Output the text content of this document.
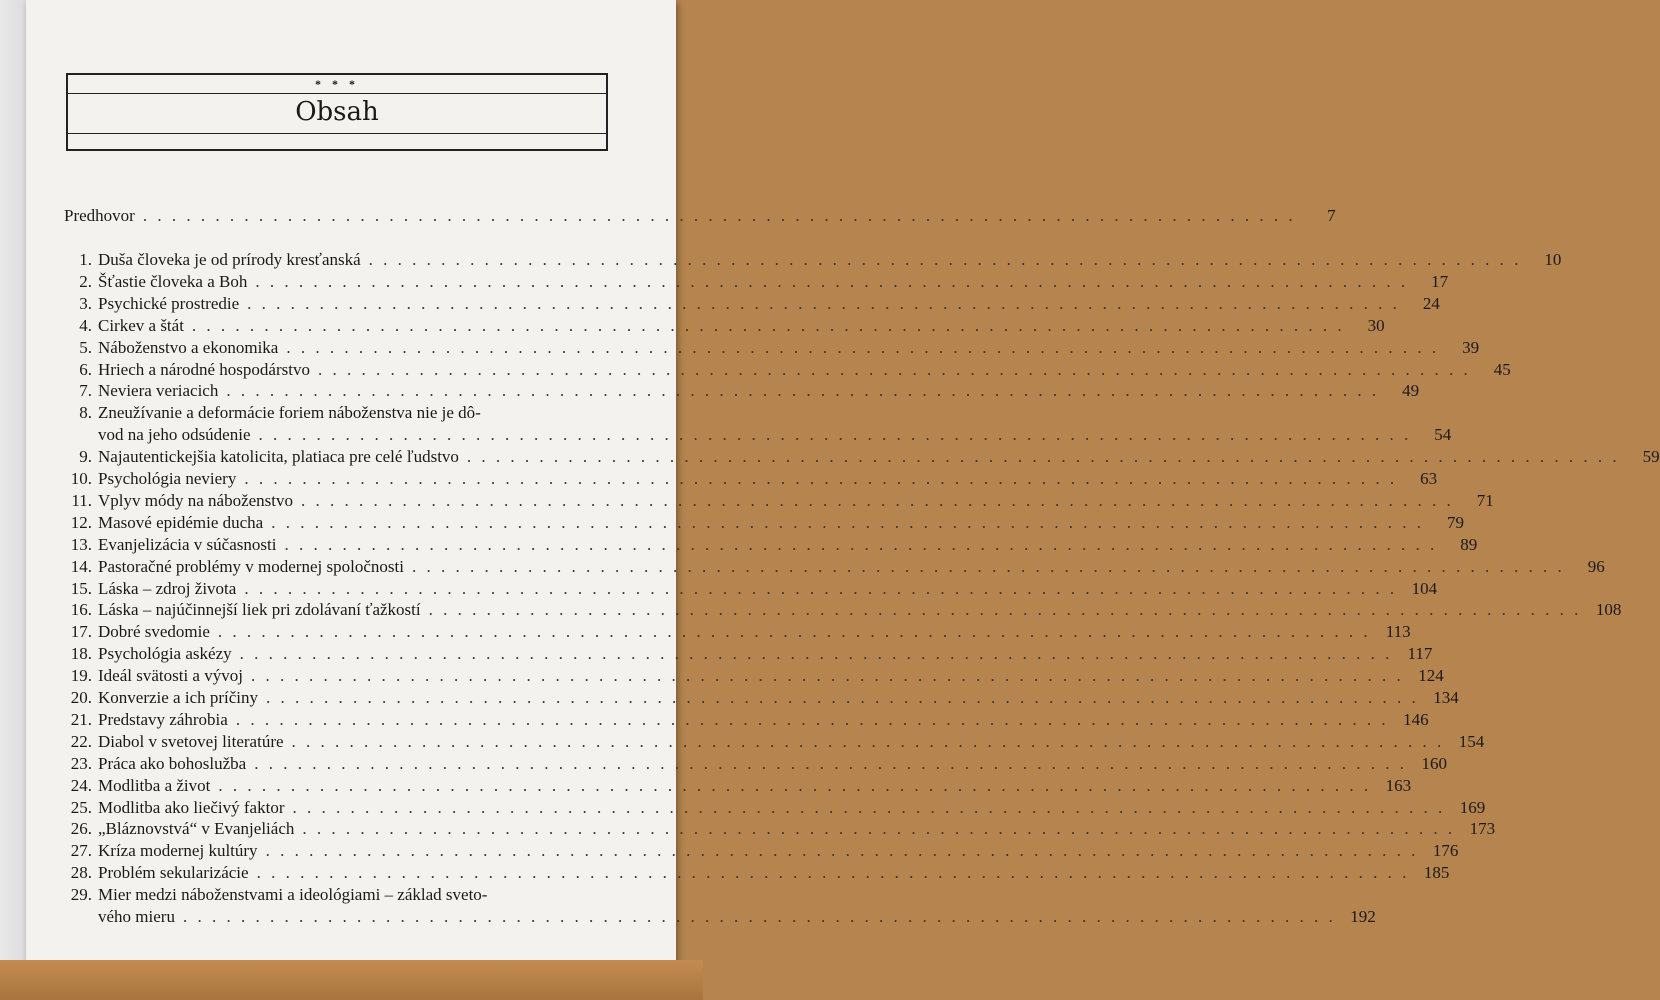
* * *
Obsah
Predhovor . . . . . . . . . . . . . . . . . . . . . . . . . . . . . . . . . . . . . . . . . . . . . . . . . . . . . . . . . . . . . . . . . . . . . . . . . . . . . . . .	7
1. Duša človeka je od prírody kresťanská . . . . . . . . . . . . . . . . . . . . . . . . . . . . . . . . . . . . . . . . . . . . . . . . . . . . . . . . . . . . . . . . . . . . . . . . . . . . . . . .	10
2. Šťastie človeka a Boh . . . . . . . . . . . . . . . . . . . . . . . . . . . . . . . . . . . . . . . . . . . . . . . . . . . . . . . . . . . . . . . . . . . . . . . . . . . . . . . .	17
3. Psychické prostredie . . . . . . . . . . . . . . . . . . . . . . . . . . . . . . . . . . . . . . . . . . . . . . . . . . . . . . . . . . . . . . . . . . . . . . . . . . . . . . . .	24
4. Cirkev a štát . . . . . . . . . . . . . . . . . . . . . . . . . . . . . . . . . . . . . . . . . . . . . . . . . . . . . . . . . . . . . . . . . . . . . . . . . . . . . . . .	30
5. Náboženstvo a ekonomika . . . . . . . . . . . . . . . . . . . . . . . . . . . . . . . . . . . . . . . . . . . . . . . . . . . . . . . . . . . . . . . . . . . . . . . . . . . . . . . .	39
6. Hriech a národné hospodárstvo . . . . . . . . . . . . . . . . . . . . . . . . . . . . . . . . . . . . . . . . . . . . . . . . . . . . . . . . . . . . . . . . . . . . . . . . . . . . . . . .	45
7. Neviera veriacich . . . . . . . . . . . . . . . . . . . . . . . . . . . . . . . . . . . . . . . . . . . . . . . . . . . . . . . . . . . . . . . . . . . . . . . . . . . . . . . .	49
8. Zneužívanie a deformácie foriem náboženstva nie je dô-
vod na jeho odsúdenie . . . . . . . . . . . . . . . . . . . . . . . . . . . . . . . . . . . . . . . . . . . . . . . . . . . . . . . . . . . . . . . . . . . . . . . . . . . . . . . .	54
9. Najautentickejšia katolicita, platiaca pre celé ľudstvo . . . . . . . . . . . . . . . . . . . . . . . . . . . . . . . . . . . . . . . . . . . . . . . . . . . . . . . . . . . . . . . . . . . . . . . . . . . . . . . .	59
10. Psychológia neviery . . . . . . . . . . . . . . . . . . . . . . . . . . . . . . . . . . . . . . . . . . . . . . . . . . . . . . . . . . . . . . . . . . . . . . . . . . . . . . . .	63
11. Vplyv módy na náboženstvo . . . . . . . . . . . . . . . . . . . . . . . . . . . . . . . . . . . . . . . . . . . . . . . . . . . . . . . . . . . . . . . . . . . . . . . . . . . . . . . .	71
12. Masové epidémie ducha . . . . . . . . . . . . . . . . . . . . . . . . . . . . . . . . . . . . . . . . . . . . . . . . . . . . . . . . . . . . . . . . . . . . . . . . . . . . . . . .	79
13. Evanjelizácia v súčasnosti . . . . . . . . . . . . . . . . . . . . . . . . . . . . . . . . . . . . . . . . . . . . . . . . . . . . . . . . . . . . . . . . . . . . . . . . . . . . . . . .	89
14. Pastoračné problémy v modernej spoločnosti . . . . . . . . . . . . . . . . . . . . . . . . . . . . . . . . . . . . . . . . . . . . . . . . . . . . . . . . . . . . . . . . . . . . . . . . . . . . . . . .	96
15. Láska – zdroj života . . . . . . . . . . . . . . . . . . . . . . . . . . . . . . . . . . . . . . . . . . . . . . . . . . . . . . . . . . . . . . . . . . . . . . . . . . . . . . . . 104
16. Láska – najúčinnejší liek pri zdolávaní ťažkostí . . . . . . . . . . . . . . . . . . . . . . . . . . . . . . . . . . . . . . . . . . . . . . . . . . . . . . . . . . . . . . . . . . . . . . . . . . . . . . . . 108
17. Dobré svedomie . . . . . . . . . . . . . . . . . . . . . . . . . . . . . . . . . . . . . . . . . . . . . . . . . . . . . . . . . . . . . . . . . . . . . . . . . . . . . . . . 113
18. Psychológia askézy . . . . . . . . . . . . . . . . . . . . . . . . . . . . . . . . . . . . . . . . . . . . . . . . . . . . . . . . . . . . . . . . . . . . . . . . . . . . . . . . 117
19. Ideál svätosti a vývoj . . . . . . . . . . . . . . . . . . . . . . . . . . . . . . . . . . . . . . . . . . . . . . . . . . . . . . . . . . . . . . . . . . . . . . . . . . . . . . . . 124
20. Konverzie a ich príčiny . . . . . . . . . . . . . . . . . . . . . . . . . . . . . . . . . . . . . . . . . . . . . . . . . . . . . . . . . . . . . . . . . . . . . . . . . . . . . . . . 134
21. Predstavy záhrobia . . . . . . . . . . . . . . . . . . . . . . . . . . . . . . . . . . . . . . . . . . . . . . . . . . . . . . . . . . . . . . . . . . . . . . . . . . . . . . . . 146
22. Diabol v svetovej literatúre . . . . . . . . . . . . . . . . . . . . . . . . . . . . . . . . . . . . . . . . . . . . . . . . . . . . . . . . . . . . . . . . . . . . . . . . . . . . . . . . 154
23. Práca ako bohoslužba . . . . . . . . . . . . . . . . . . . . . . . . . . . . . . . . . . . . . . . . . . . . . . . . . . . . . . . . . . . . . . . . . . . . . . . . . . . . . . . . 160
24. Modlitba a život . . . . . . . . . . . . . . . . . . . . . . . . . . . . . . . . . . . . . . . . . . . . . . . . . . . . . . . . . . . . . . . . . . . . . . . . . . . . . . . . 163
25. Modlitba ako liečivý faktor . . . . . . . . . . . . . . . . . . . . . . . . . . . . . . . . . . . . . . . . . . . . . . . . . . . . . . . . . . . . . . . . . . . . . . . . . . . . . . . . 169
26. „Bláznovstvá“ v Evanjeliách . . . . . . . . . . . . . . . . . . . . . . . . . . . . . . . . . . . . . . . . . . . . . . . . . . . . . . . . . . . . . . . . . . . . . . . . . . . . . . . . 173
27. Kríza modernej kultúry . . . . . . . . . . . . . . . . . . . . . . . . . . . . . . . . . . . . . . . . . . . . . . . . . . . . . . . . . . . . . . . . . . . . . . . . . . . . . . . . 176
28. Problém sekularizácie . . . . . . . . . . . . . . . . . . . . . . . . . . . . . . . . . . . . . . . . . . . . . . . . . . . . . . . . . . . . . . . . . . . . . . . . . . . . . . . . 185
29. Mier medzi náboženstvami a ideológiami – základ sveto-
vého mieru . . . . . . . . . . . . . . . . . . . . . . . . . . . . . . . . . . . . . . . . . . . . . . . . . . . . . . . . . . . . . . . . . . . . . . . . . . . . . . . . 192
